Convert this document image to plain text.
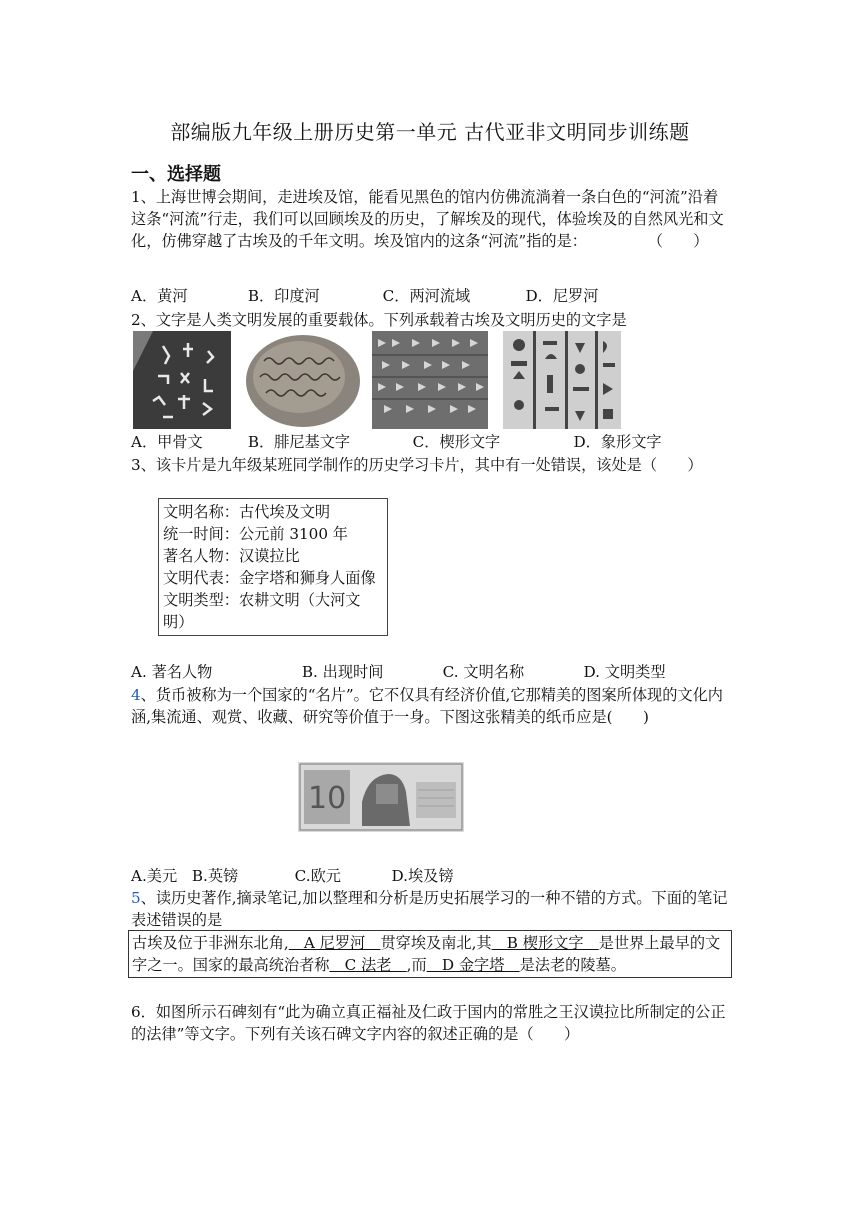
部编版九年级上册历史第一单元 古代亚非文明同步训练题
一、选择题
1、上海世博会期间，走进埃及馆，能看见黑色的馆内仿佛流淌着一条白色的“河流”沿着这条“河流”行走，我们可以回顾埃及的历史，了解埃及的现代，体验埃及的自然风光和文化，仿佛穿越了古埃及的千年文明。埃及馆内的这条“河流”指的是：　　　　　（　　）
A．黄河	B．印度河	C．两河流域	D．尼罗河
2、文字是人类文明发展的重要载体。下列承载着古埃及文明历史的文字是
A．甲骨文	B．腓尼基文字	C．楔形文字	D．象形文字
3、该卡片是九年级某班同学制作的历史学习卡片，其中有一处错误，该处是（　　）
文明名称：古代埃及文明
统一时间：公元前 3100 年
著名人物：汉谟拉比
文明代表：金字塔和狮身人面像
文明类型：农耕文明（大河文明）
A. 著名人物	B. 出现时间	C. 文明名称	D. 文明类型
4、货币被称为一个国家的“名片”。它不仅具有经济价值,它那精美的图案所体现的文化内涵,集流通、观赏、收藏、研究等价值于一身。下图这张精美的纸币应是(　　)
10
A.美元 B.英镑	C.欧元	D.埃及镑
5、读历史著作,摘录笔记,加以整理和分析是历史拓展学习的一种不错的方式。下面的笔记表述错误的是
古埃及位于非洲东北角,　A 尼罗河　贯穿埃及南北,其　B 楔形文字　是世界上最早的文字之一。国家的最高统治者称　C 法老　,而　D 金字塔　是法老的陵墓。
6．如图所示石碑刻有“此为确立真正福祉及仁政于国内的常胜之王汉谟拉比所制定的公正的法律”等文字。下列有关该石碑文字内容的叙述正确的是（　　）
